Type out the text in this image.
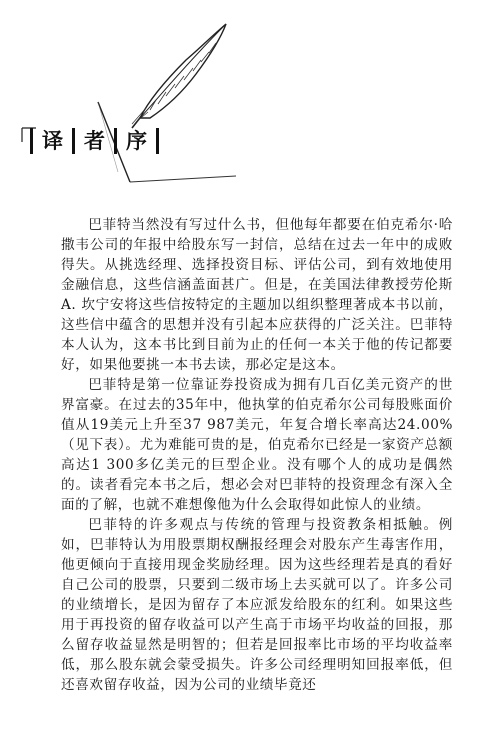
译 者 序

巴菲特当然没有写过什么书，但他每年都要在伯克希尔·哈撒韦公司的年报中给股东写一封信，总结在过去一年中的成败得失。从挑选经理、选择投资目标、评估公司，到有效地使用金融信息，这些信涵盖面甚广。但是，在美国法律教授劳伦斯 A. 坎宁安将这些信按特定的主题加以组织整理著成本书以前，这些信中蕴含的思想并没有引起本应获得的广泛关注。巴菲特本人认为，这本书比到目前为止的任何一本关于他的传记都要好，如果他要挑一本书去读，那必定是这本。

巴菲特是第一位靠证券投资成为拥有几百亿美元资产的世界富豪。在过去的35年中，他执掌的伯克希尔公司每股账面价值从19美元上升至37 987美元，年复合增长率高达24.00%（见下表）。尤为难能可贵的是，伯克希尔已经是一家资产总额高达1 300多亿美元的巨型企业。没有哪个人的成功是偶然的。读者看完本书之后，想必会对巴菲特的投资理念有深入全面的了解，也就不难想像他为什么会取得如此惊人的业绩。

巴菲特的许多观点与传统的管理与投资教条相抵触。例如，巴菲特认为用股票期权酬报经理会对股东产生毒害作用，他更倾向于直接用现金奖励经理。因为这些经理若是真的看好自己公司的股票，只要到二级市场上去买就可以了。许多公司的业绩增长，是因为留存了本应派发给股东的红利。如果这些用于再投资的留存收益可以产生高于市场平均收益的回报，那么留存收益显然是明智的；但若是回报率比市场的平均收益率低，那么股东就会蒙受损失。许多公司经理明知回报率低，但还喜欢留存收益，因为公司的业绩毕竟还
